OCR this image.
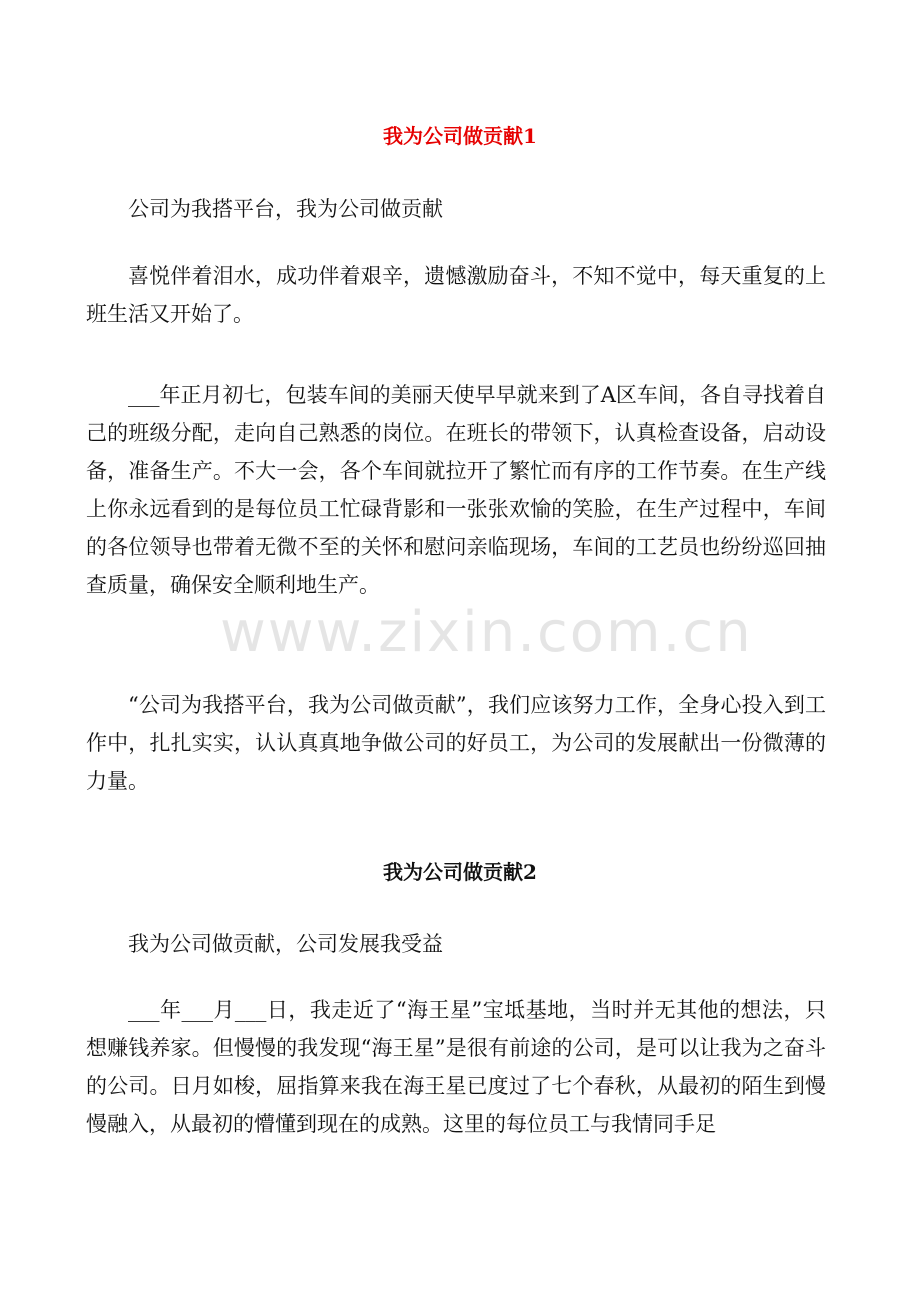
www.zixin.com.cn
我为公司做贡献1

公司为我搭平台，我为公司做贡献

喜悦伴着泪水，成功伴着艰辛，遗憾激励奋斗，不知不觉中，每天重复的上班生活又开始了。

___年正月初七，包装车间的美丽天使早早就来到了A区车间，各自寻找着自己的班级分配，走向自己熟悉的岗位。在班长的带领下，认真检查设备，启动设备，准备生产。不大一会，各个车间就拉开了繁忙而有序的工作节奏。在生产线上你永远看到的是每位员工忙碌背影和一张张欢愉的笑脸，在生产过程中，车间的各位领导也带着无微不至的关怀和慰问亲临现场，车间的工艺员也纷纷巡回抽查质量，确保安全顺利地生产。

“公司为我搭平台，我为公司做贡献”，我们应该努力工作，全身心投入到工作中，扎扎实实，认认真真地争做公司的好员工，为公司的发展献出一份微薄的力量。

我为公司做贡献2

我为公司做贡献，公司发展我受益

___年___月___日，我走近了“海王星”宝坻基地，当时并无其他的想法，只想赚钱养家。但慢慢的我发现“海王星”是很有前途的公司，是可以让我为之奋斗的公司。日月如梭，屈指算来我在海王星已度过了七个春秋，从最初的陌生到慢慢融入，从最初的懵懂到现在的成熟。这里的每位员工与我情同手足
